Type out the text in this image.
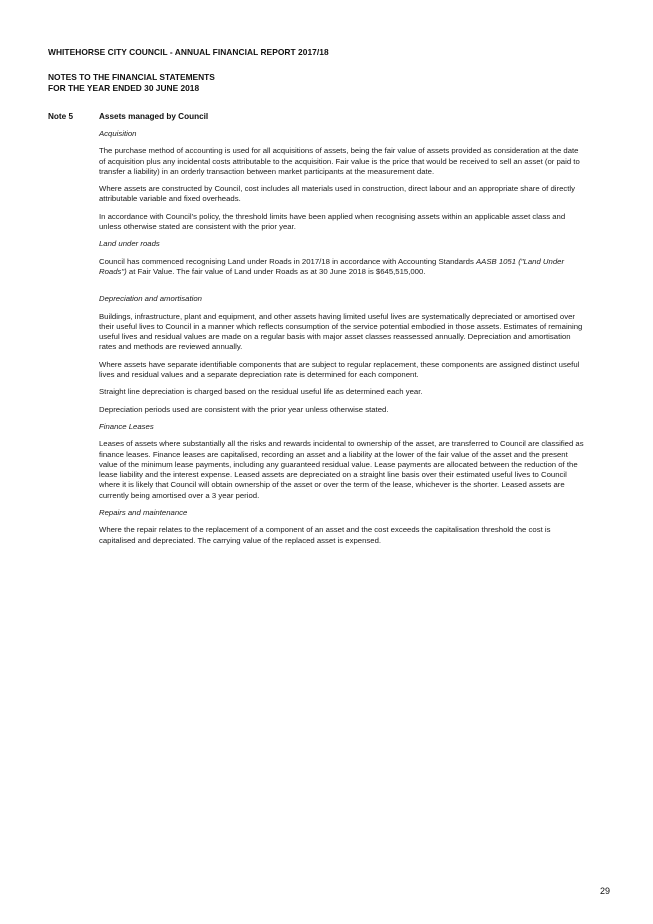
WHITEHORSE CITY COUNCIL - ANNUAL FINANCIAL REPORT 2017/18
NOTES TO THE FINANCIAL STATEMENTS
FOR THE YEAR ENDED 30 JUNE 2018
Note 5	Assets managed by Council
Acquisition
The purchase method of accounting is used for all acquisitions of assets, being the fair value of assets provided as consideration at the date of acquisition plus any incidental costs attributable to the acquisition. Fair value is the price that would be received to sell an asset (or paid to transfer a liability) in an orderly transaction between market participants at the measurement date.
Where assets are constructed by Council, cost includes all materials used in construction, direct labour and an appropriate share of directly attributable variable and fixed overheads.
In accordance with Council's policy, the threshold limits have been applied when recognising assets within an applicable asset class and unless otherwise stated are consistent with the prior year.
Land under roads
Council has commenced recognising Land under Roads in 2017/18 in accordance with Accounting Standards AASB 1051 ("Land Under Roads") at Fair Value. The fair value of Land under Roads as at 30 June 2018 is $645,515,000.
Depreciation and amortisation
Buildings, infrastructure, plant and equipment, and other assets having limited useful lives are systematically depreciated or amortised over their useful lives to Council in a manner which reflects consumption of the service potential embodied in those assets. Estimates of remaining useful lives and residual values are made on a regular basis with major asset classes reassessed annually. Depreciation and amortisation rates and methods are reviewed annually.
Where assets have separate identifiable components that are subject to regular replacement, these components are assigned distinct useful lives and residual values and a separate depreciation rate is determined for each component.
Straight line depreciation is charged based on the residual useful life as determined each year.
Depreciation periods used are consistent with the prior year unless otherwise stated.
Finance Leases
Leases of assets where substantially all the risks and rewards incidental to ownership of the asset, are transferred to Council are classified as finance leases. Finance leases are capitalised, recording an asset and a liability at the lower of the fair value of the asset and the present value of the minimum lease payments, including any guaranteed residual value. Lease payments are allocated between the reduction of the lease liability and the interest expense. Leased assets are depreciated on a straight line basis over their estimated useful lives to Council where it is likely that Council will obtain ownership of the asset or over the term of the lease, whichever is the shorter. Leased assets are currently being amortised over a 3 year period.
Repairs and maintenance
Where the repair relates to the replacement of a component of an asset and the cost exceeds the capitalisation threshold the cost is capitalised and depreciated. The carrying value of the replaced asset is expensed.
29
